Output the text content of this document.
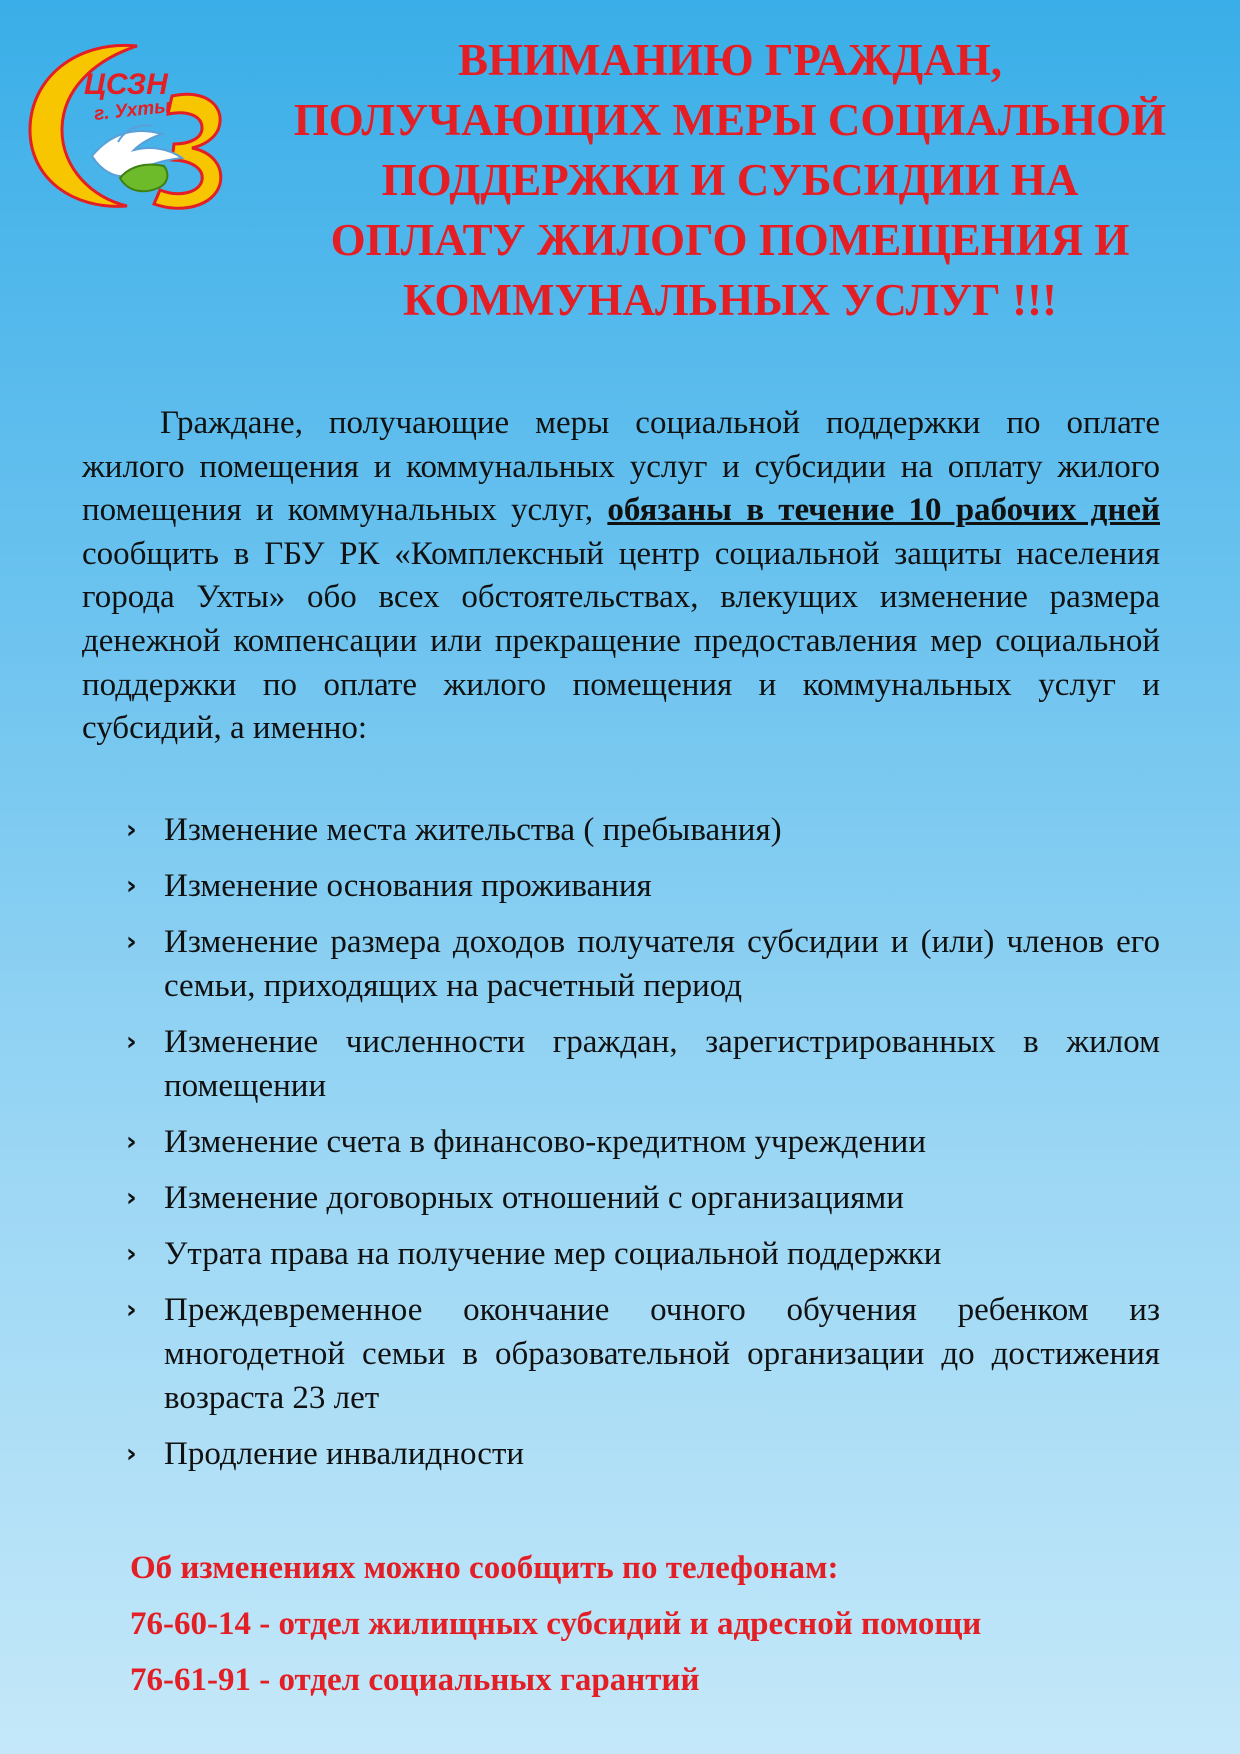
ЦСЗН
г. Ухты
ВНИМАНИЮ ГРАЖДАН,
ПОЛУЧАЮЩИХ МЕРЫ СОЦИАЛЬНОЙ
ПОДДЕРЖКИ И СУБСИДИИ НА
ОПЛАТУ ЖИЛОГО ПОМЕЩЕНИЯ И
КОММУНАЛЬНЫХ УСЛУГ !!!

Граждане, получающие меры социальной поддержки по оплате жилого помещения и коммунальных услуг и субсидии на оплату жилого помещения и коммунальных услуг, обязаны в течение 10 рабочих дней сообщить в ГБУ РК «Комплексный центр социальной защиты населения города Ухты» обо всех обстоятельствах, влекущих изменение размера денежной компенсации или прекращение предоставления мер социальной поддержки по оплате жилого помещения и коммунальных услуг и субсидий, а именно:

› Изменение места жительства ( пребывания)
› Изменение основания проживания
› Изменение размера доходов получателя субсидии и (или) членов его семьи, приходящих на расчетный период
› Изменение численности граждан, зарегистрированных в жилом помещении
› Изменение счета в финансово-кредитном учреждении
› Изменение договорных отношений с организациями
› Утрата права на получение мер социальной поддержки
› Преждевременное окончание очного обучения ребенком из многодетной семьи в образовательной организации до достижения возраста 23 лет
› Продление инвалидности
Об изменениях можно сообщить по телефонам:
76-60-14 - отдел жилищных субсидий и адресной помощи
76-61-91 - отдел социальных гарантий
